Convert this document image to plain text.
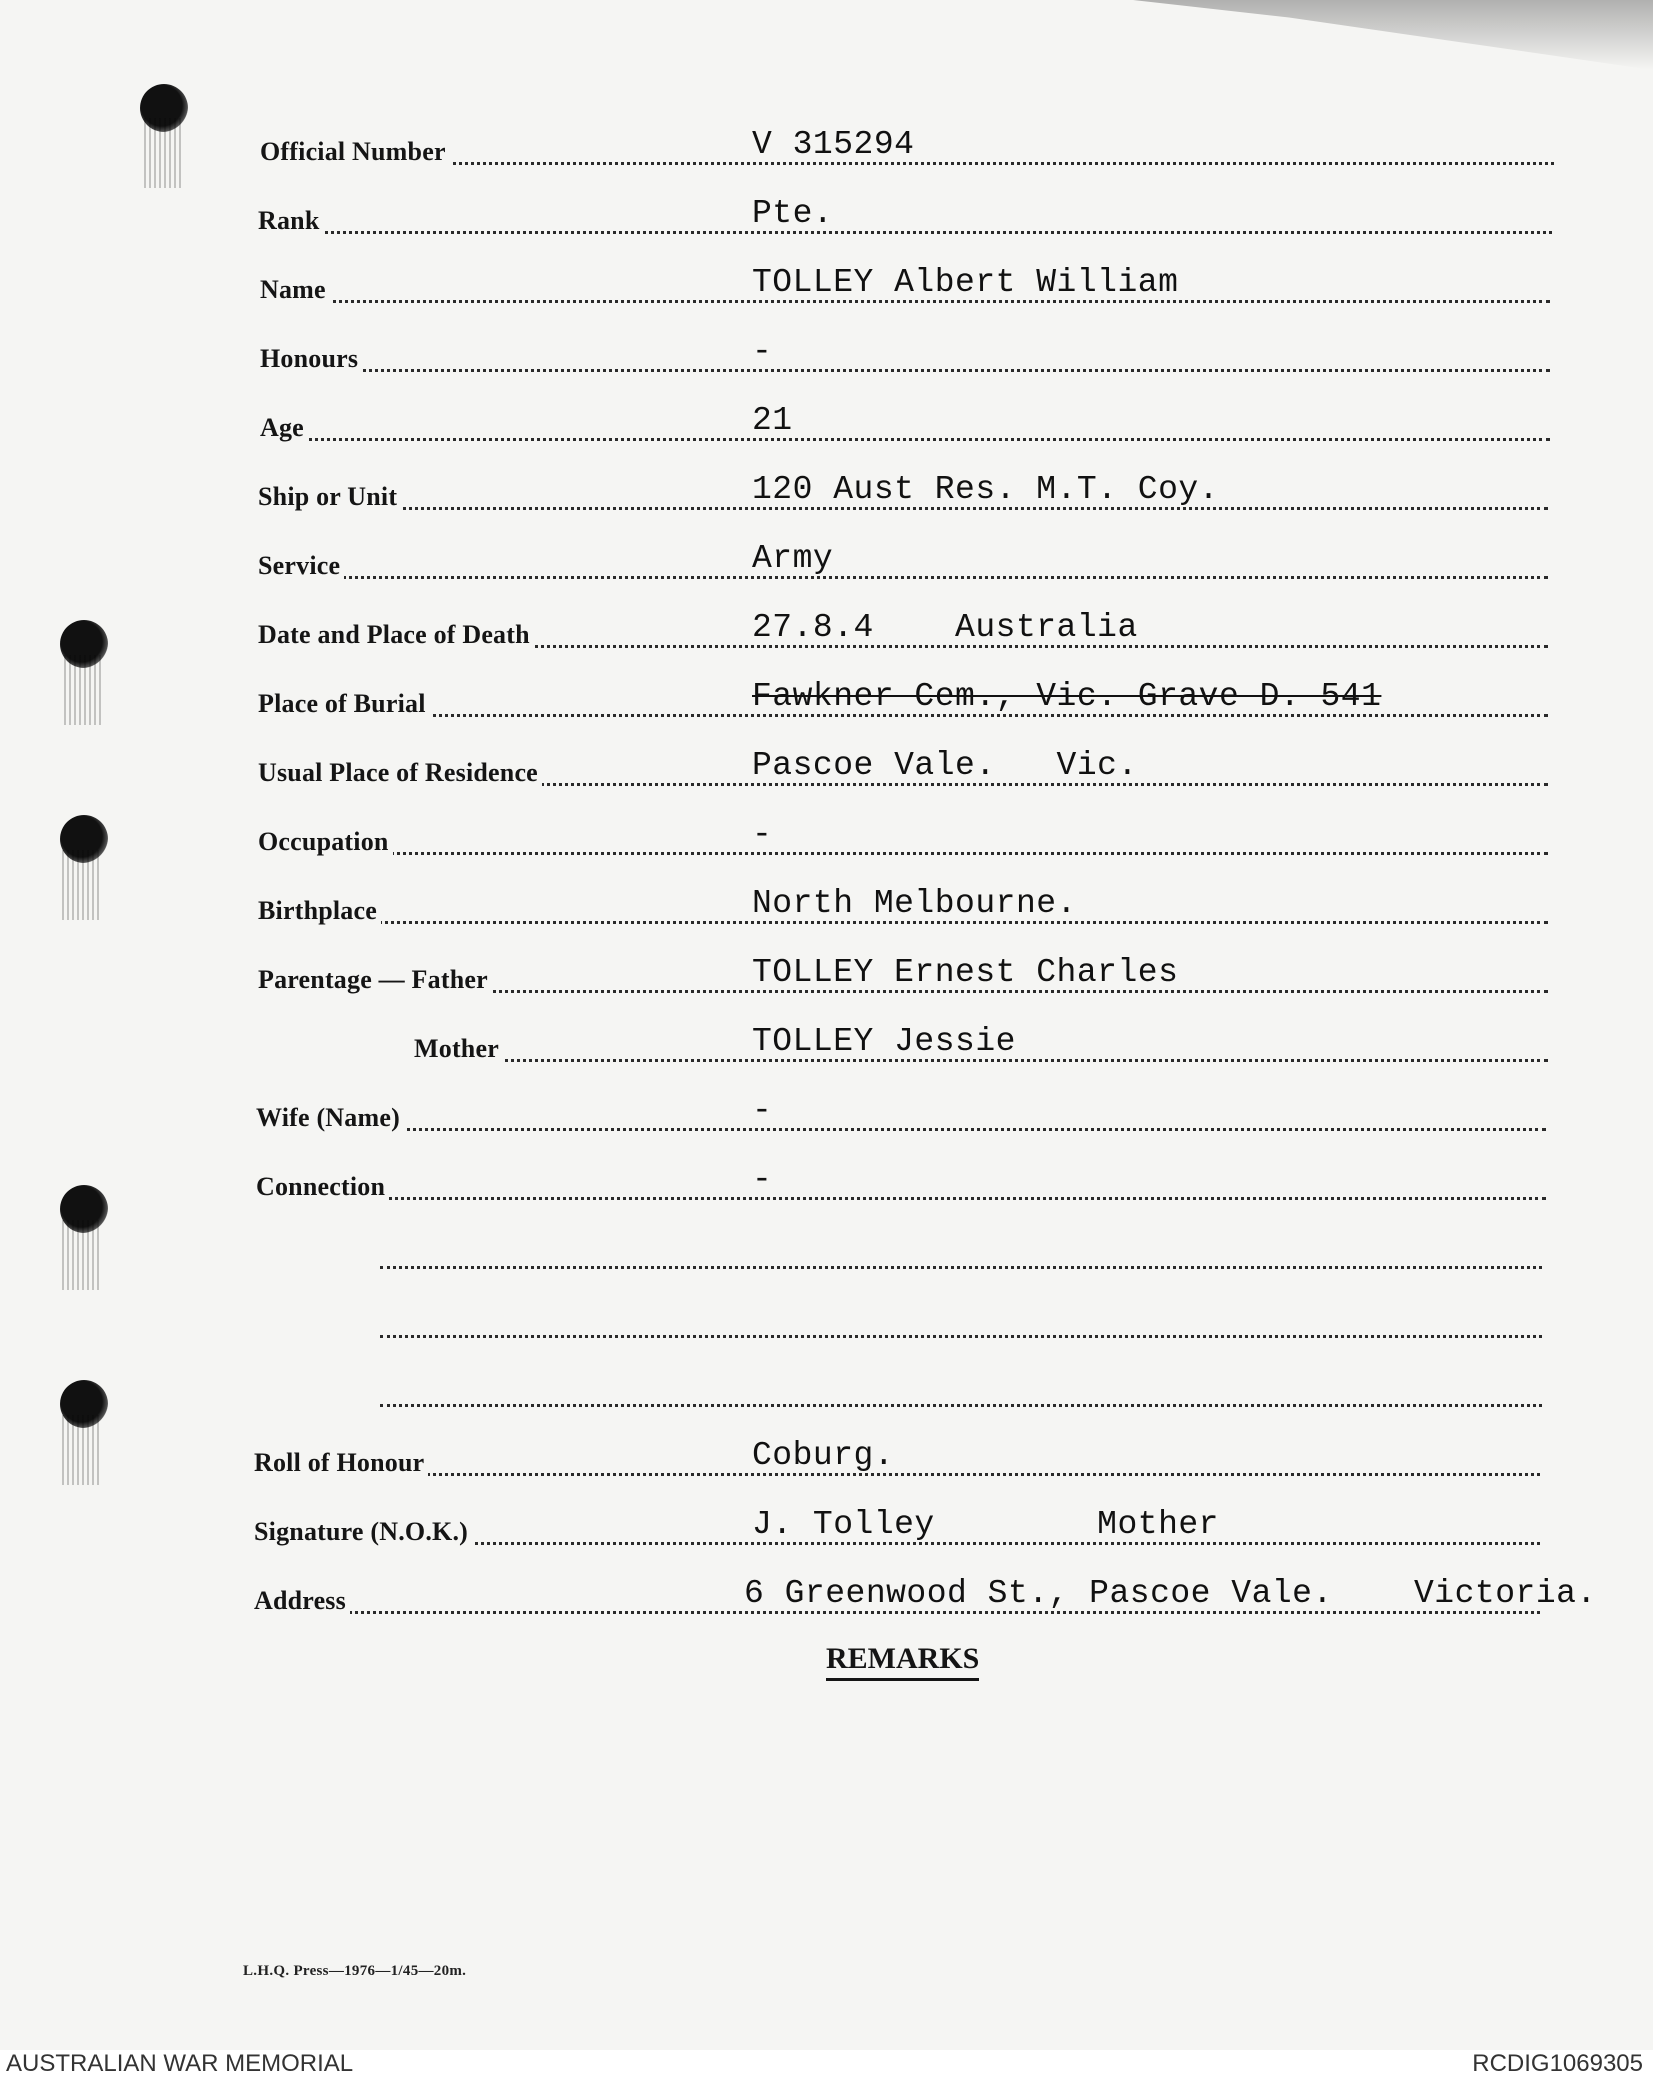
Official Number	V 315294
Rank	Pte.
Name	TOLLEY Albert William
Honours	-
Age	21
Ship or Unit	120 Aust Res. M.T. Coy.
Service	Army
Date and Place of Death	27.8.4    Australia
Place of Burial	Fawkner Cem., Vic. Grave D. 541
Usual Place of Residence	Pascoe Vale.   Vic.
Occupation	-
Birthplace	North Melbourne.
Parentage — Father	TOLLEY Ernest Charles
Mother	TOLLEY Jessie
Wife (Name)	-
Connection	-
Roll of Honour	Coburg.
Signature (N.O.K.)	J. Tolley        Mother
Address	6 Greenwood St., Pascoe Vale.    Victoria.
REMARKS
L.H.Q. Press—1976—1/45—20m.
AUSTRALIAN WAR MEMORIAL	RCDIG1069305
